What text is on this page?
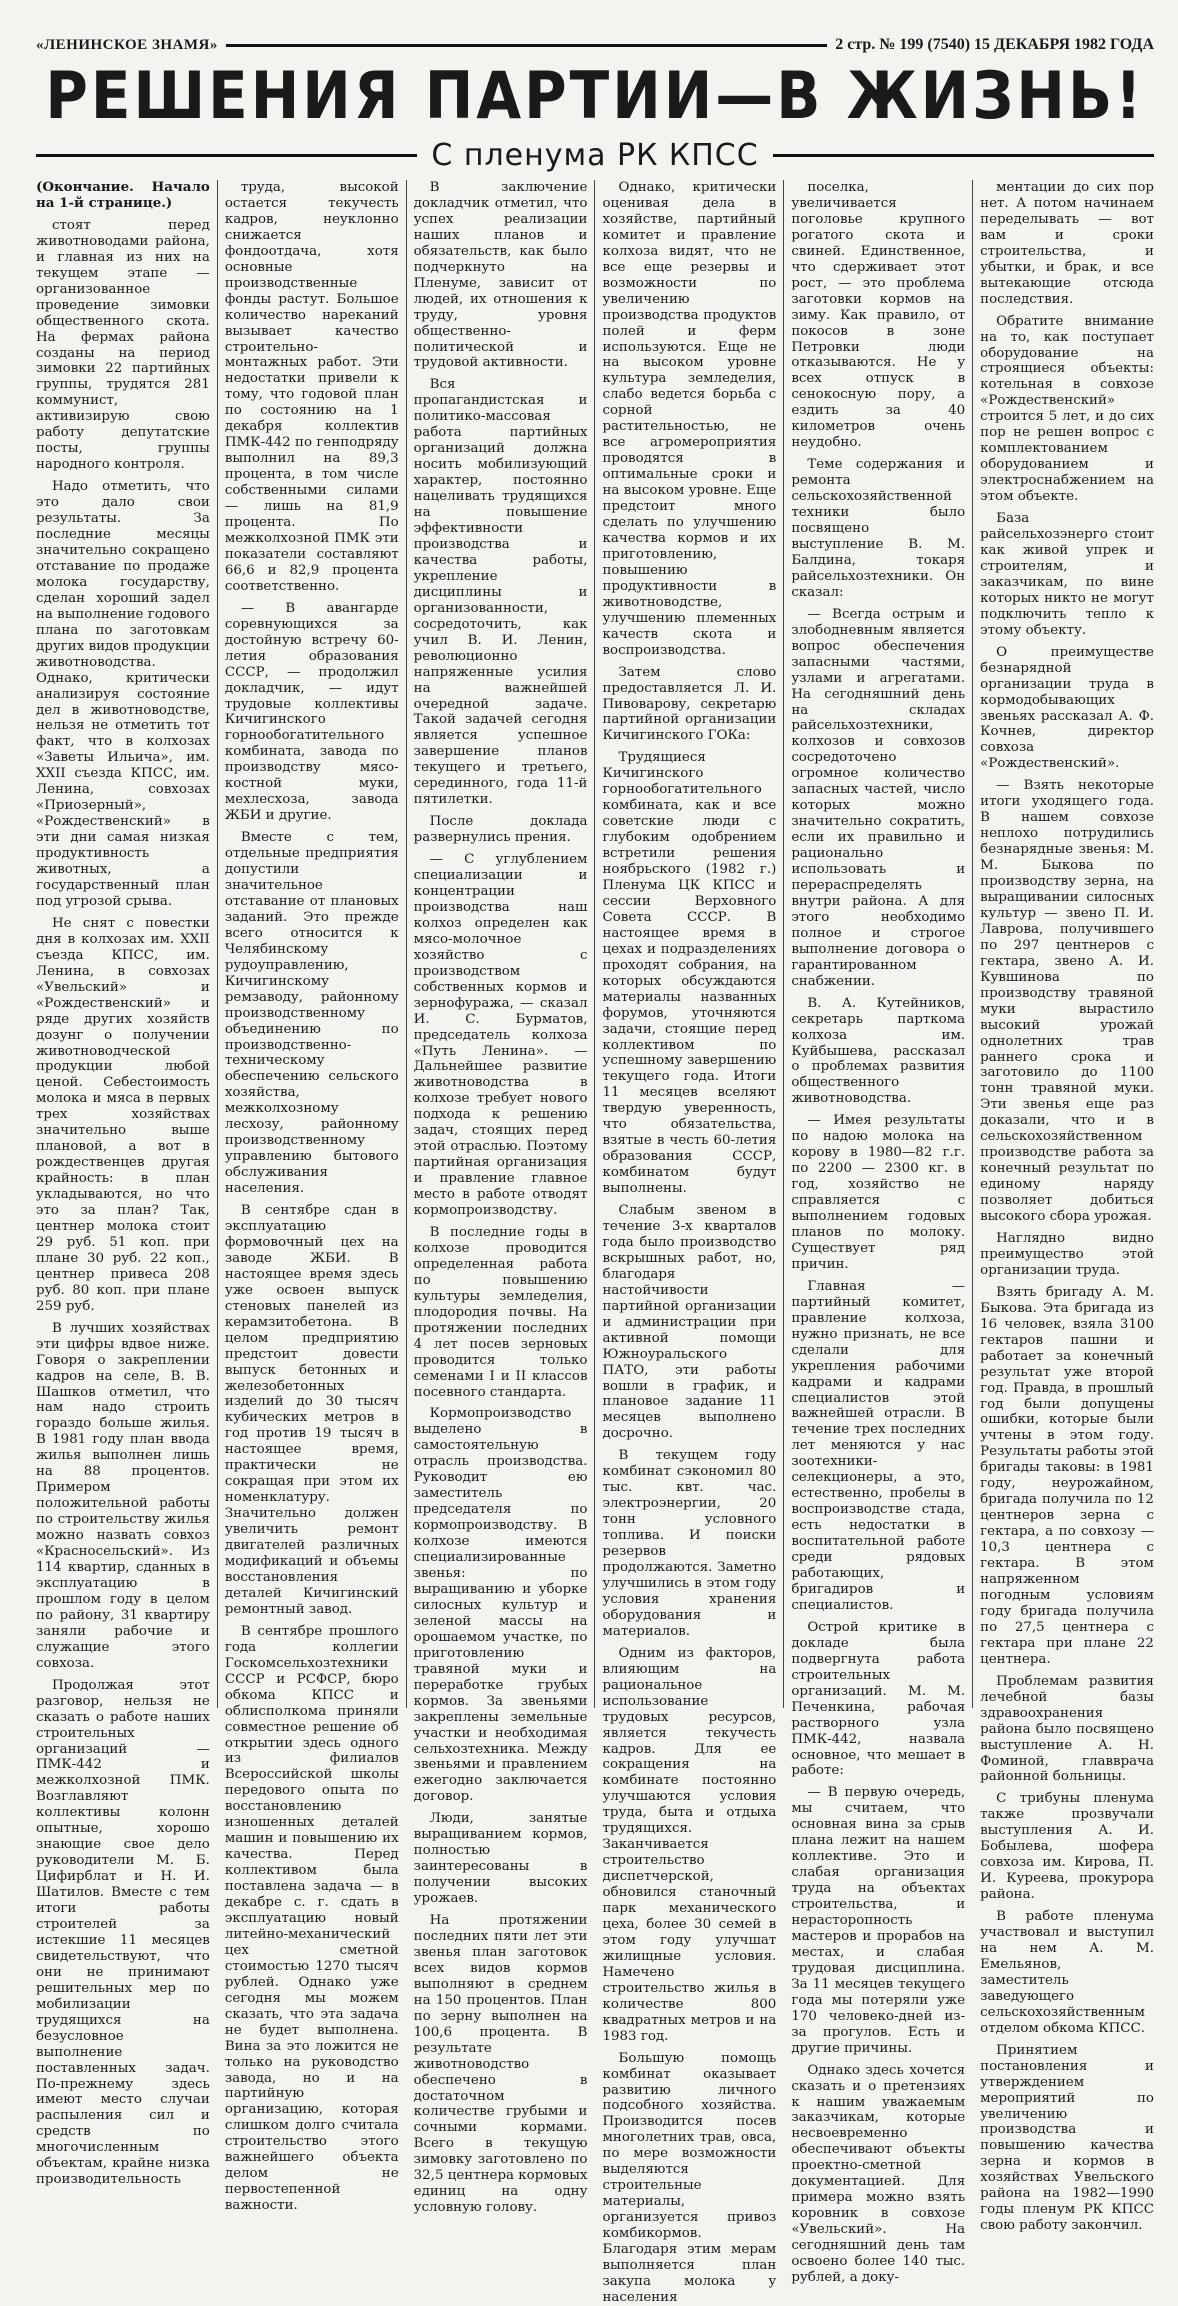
«ЛЕНИНСКОЕ ЗНАМЯ»	2 стр. № 199 (7540) 15 ДЕКАБРЯ 1982 ГОДА
РЕШЕНИЯ ПАРТИИ—В ЖИЗНЬ!
С пленума РК КПСС

(Окончание. Начало на 1-й странице.)

стоят перед животноводами района, и главная из них на текущем этапе — организованное проведение зимовки общественного скота. На фермах района созданы на период зимовки 22 партийных группы, трудятся 281 коммунист, активизирую свою работу депутатские посты, группы народного контроля.

Надо отметить, что это дало свои результаты. За последние месяцы значительно сокращено отставание по продаже молока государству, сделан хороший задел на выполнение годового плана по заготовкам других видов продукции животноводства. Однако, критически анализируя состояние дел в животноводстве, нельзя не отметить тот факт, что в колхозах «Заветы Ильича», им. XXII съезда КПСС, им. Ленина, совхозах «Приозерный», «Рождественский» в эти дни самая низкая продуктивность животных, а государственный план под угрозой срыва.

Не снят с повестки дня в колхозах им. XXII съезда КПСС, им. Ленина, в совхозах «Увельский» и «Рождественский» и ряде других хозяйств дозунг о получении животноводческой продукции любой ценой. Себестоимость молока и мяса в первых трех хозяйствах значительно выше плановой, а вот в рождественцев другая крайность: в план укладываются, но что это за план? Так, центнер молока стоит 29 руб. 51 коп. при плане 30 руб. 22 коп., центнер привеса 208 руб. 80 коп. при плане 259 руб.

В лучших хозяйствах эти цифры вдвое ниже. Говоря о закреплении кадров на селе, В. В. Шашков отметил, что нам надо строить гораздо больше жилья. В 1981 году план ввода жилья выполнен лишь на 88 процентов. Примером положительной работы по строительству жилья можно назвать совхоз «Красносельский». Из 114 квартир, сданных в эксплуатацию в прошлом году в целом по району, 31 квартиру заняли рабочие и служащие этого совхоза.

Продолжая этот разговор, нельзя не сказать о работе наших строительных организаций — ПМК-442 и межколхозной ПМК. Возглавляют коллективы колонн опытные, хорошо знающие свое дело руководители М. Б. Цифирблат и Н. И. Шатилов. Вместе с тем итоги работы строителей за истекшие 11 месяцев свидетельствуют, что они не принимают решительных мер по мобилизации трудящихся на безусловное выполнение поставленных задач. По-прежнему здесь имеют место случаи распыления сил и средств по многочисленным объектам, крайне низка производительность

труда, высокой остается текучесть кадров, неуклонно снижается фондоотдача, хотя основные производственные фонды растут. Большое количество нареканий вызывает качество строительно-монтажных работ. Эти недостатки привели к тому, что годовой план по состоянию на 1 декабря коллектив ПМК-442 по генподряду выполнил на 89,3 процента, в том числе собственными силами — лишь на 81,9 процента. По межколхозной ПМК эти показатели составляют 66,6 и 82,9 процента соответственно.

— В авангарде соревнующихся за достойную встречу 60-летия образования СССР, — продолжил докладчик, — идут трудовые коллективы Кичигинского горнообогатительного комбината, завода по производству мясо-костной муки, мехлесхоза, завода ЖБИ и другие.

Вместе с тем, отдельные предприятия допустили значительное отставание от плановых заданий. Это прежде всего относится к Челябинскому рудоуправлению, Кичигинскому ремзаводу, районному производственному объединению по производственно-техническому обеспечению сельского хозяйства, межколхозному лесхозу, районному производственному управлению бытового обслуживания населения.

В сентябре сдан в эксплуатацию формовочный цех на заводе ЖБИ. В настоящее время здесь уже освоен выпуск стеновых панелей из керамзитобетона. В целом предприятию предстоит довести выпуск бетонных и железобетонных изделий до 30 тысяч кубических метров в год против 19 тысяч в настоящее время, практически не сокращая при этом их номенклатуру. Значительно должен увеличить ремонт двигателей различных модификаций и объемы восстановления деталей Кичигинский ремонтный завод.

В сентябре прошлого года коллегии Госкомсельхозтехники СССР и РСФСР, бюро обкома КПСС и облисполкома приняли совместное решение об открытии здесь одного из филиалов Всероссийской школы передового опыта по восстановлению изношенных деталей машин и повышению их качества. Перед коллективом была поставлена задача — в декабре с. г. сдать в эксплуатацию новый литейно-механический цех сметной стоимостью 1270 тысяч рублей. Однако уже сегодня мы можем сказать, что эта задача не будет выполнена. Вина за это ложится не только на руководство завода, но и на партийную организацию, которая слишком долго считала строительство этого важнейшего объекта делом не первостепенной важности.

В заключение докладчик отметил, что успех реализации наших планов и обязательств, как было подчеркнуто на Пленуме, зависит от людей, их отношения к труду, уровня общественно-политической и трудовой активности.

Вся пропагандистская и политико-массовая работа партийных организаций должна носить мобилизующий характер, постоянно нацеливать трудящихся на повышение эффективности производства и качества работы, укрепление дисциплины и организованности, сосредоточить, как учил В. И. Ленин, революционно напряженные усилия на важнейшей очередной задаче. Такой задачей сегодня является успешное завершение планов текущего и третьего, серединного, года 11-й пятилетки.

После доклада развернулись прения.

— С углублением специализации и концентрации производства наш колхоз определен как мясо-молочное хозяйство с производством собственных кормов и зернофуража, — сказал И. С. Бурматов, председатель колхоза «Путь Ленина». — Дальнейшее развитие животноводства в колхозе требует нового подхода к решению задач, стоящих перед этой отраслью. Поэтому партийная организация и правление главное место в работе отводят кормопроизводству.

В последние годы в колхозе проводится определенная работа по повышению культуры земледелия, плодородия почвы. На протяжении последних 4 лет посев зерновых проводится только семенами I и II классов посевного стандарта.

Кормопроизводство выделено в самостоятельную отрасль производства. Руководит ею заместитель председателя по кормопроизводству. В колхозе имеются специализированные звенья: по выращиванию и уборке силосных культур и зеленой массы на орошаемом участке, по приготовлению травяной муки и переработке грубых кормов. За звеньями закреплены земельные участки и необходимая сельхозтехника. Между звеньями и правлением ежегодно заключается договор.

Люди, занятые выращиванием кормов, полностью заинтересованы в получении высоких урожаев.

На протяжении последних пяти лет эти звенья план заготовок всех видов кормов выполняют в среднем на 150 процентов. План по зерну выполнен на 100,6 процента. В результате животноводство обеспечено в достаточном количестве грубыми и сочными кормами. Всего в текущую зимовку заготовлено по 32,5 центнера кормовых единиц на одну условную голову.

Однако, критически оценивая дела в хозяйстве, партийный комитет и правление колхоза видят, что не все еще резервы и возможности по увеличению производства продуктов полей и ферм используются. Еще не на высоком уровне культура земледелия, слабо ведется борьба с сорной растительностью, не все агромероприятия проводятся в оптимальные сроки и на высоком уровне. Еще предстоит много сделать по улучшению качества кормов и их приготовлению, повышению продуктивности в животноводстве, улучшению племенных качеств скота и воспроизводства.

Затем слово предоставляется Л. И. Пивоварову, секретарю партийной организации Кичигинского ГОКа:

Трудящиеся Кичигинского горнообогатительного комбината, как и все советские люди с глубоким одобрением встретили решения ноябрьского (1982 г.) Пленума ЦК КПСС и сессии Верховного Совета СССР. В настоящее время в цехах и подразделениях проходят собрания, на которых обсуждаются материалы названных форумов, уточняются задачи, стоящие перед коллективом по успешному завершению текущего года. Итоги 11 месяцев вселяют твердую уверенность, что обязательства, взятые в честь 60-летия образования СССР, комбинатом будут выполнены.

Слабым звеном в течение 3-х кварталов года было производство вскрышных работ, но, благодаря настойчивости партийной организации и администрации при активной помощи Южноуральского ПАТО, эти работы вошли в график, и плановое задание 11 месяцев выполнено досрочно.

В текущем году комбинат сэкономил 80 тыс. квт. час. электроэнергии, 20 тонн условного топлива. И поиски резервов продолжаются. Заметно улучшились в этом году условия хранения оборудования и материалов.

Одним из факторов, влияющим на рациональное использование трудовых ресурсов, является текучесть кадров. Для ее сокращения на комбинате постоянно улучшаются условия труда, быта и отдыха трудящихся. Заканчивается строительство диспетчерской, обновился станочный парк механического цеха, более 30 семей в этом году улучшат жилищные условия. Намечено строительство жилья в количестве 800 квадратных метров и на 1983 год.

Большую помощь комбинат оказывает развитию личного подсобного хозяйства. Производится посев многолетних трав, овса, по мере возможности выделяются строительные материалы, организуется привоз комбикормов. Благодаря этим мерам выполняется план закупа молока у населения

поселка, увеличивается поголовье крупного рогатого скота и свиней. Единственное, что сдерживает этот рост, — это проблема заготовки кормов на зиму. Как правило, от покосов в зоне Петровки люди отказываются. Не у всех отпуск в сенокосную пору, а ездить за 40 километров очень неудобно.

Теме содержания и ремонта сельскохозяйственной техники было посвящено выступление В. М. Балдина, токаря райсельхозтехники. Он сказал:

— Всегда острым и злободневным является вопрос обеспечения запасными частями, узлами и агрегатами. На сегодняшний день на складах райсельхозтехники, колхозов и совхозов сосредоточено огромное количество запасных частей, число которых можно значительно сократить, если их правильно и рационально использовать и перераспределять внутри района. А для этого необходимо полное и строгое выполнение договора о гарантированном снабжении.

В. А. Кутейников, секретарь парткома колхоза им. Куйбышева, рассказал о проблемах развития общественного животноводства.

— Имея результаты по надою молока на корову в 1980—82 г.г. по 2200 — 2300 кг. в год, хозяйство не справляется с выполнением годовых планов по молоку. Существует ряд причин.

Главная — партийный комитет, правление колхоза, нужно признать, не все сделали для укрепления рабочими кадрами и кадрами специалистов этой важнейшей отрасли. В течение трех последних лет меняются у нас зоотехники-селекционеры, а это, естественно, пробелы в воспроизводстве стада, есть недостатки в воспитательной работе среди рядовых работающих, бригадиров и специалистов.

Острой критике в докладе была подвергнута работа строительных организаций. М. М. Печенкина, рабочая растворного узла ПМК-442, назвала основное, что мешает в работе:

— В первую очередь, мы считаем, что основная вина за срыв плана лежит на нашем коллективе. Это и слабая организация труда на объектах строительства, и нерасторопность мастеров и прорабов на местах, и слабая трудовая дисциплина. За 11 месяцев текущего года мы потеряли уже 170 человеко-дней из-за прогулов. Есть и другие причины.

Однако здесь хочется сказать и о претензиях к нашим уважаемым заказчикам, которые несвоевременно обеспечивают объекты проектно-сметной документацией. Для примера можно взять коровник в совхозе «Увельский». На сегодняшний день там освоено более 140 тыс. рублей, а доку-

ментации до сих пор нет. А потом начинаем переделывать — вот вам и сроки строительства, и убытки, и брак, и все вытекающие отсюда последствия.

Обратите внимание на то, как поступает оборудование на строящиеся объекты: котельная в совхозе «Рождественский» строится 5 лет, и до сих пор не решен вопрос с комплектованием оборудованием и электроснабжением на этом объекте.

База райсельхозэнерго стоит как живой упрек и строителям, и заказчикам, по вине которых никто не могут подключить тепло к этому объекту.

О преимуществе безнарядной организации труда в кормодобывающих звеньях рассказал А. Ф. Кочнев, директор совхоза «Рождественский».

— Взять некоторые итоги уходящего года. В нашем совхозе неплохо потрудились безнарядные звенья: М. М. Быкова по производству зерна, на выращивании силосных культур — звено П. И. Лаврова, получившего по 297 центнеров с гектара, звено А. И. Кувшинова по производству травяной муки вырастило высокий урожай однолетних трав раннего срока и заготовило до 1100 тонн травяной муки. Эти звенья еще раз доказали, что и в сельскохозяйственном производстве работа за конечный результат по единому наряду позволяет добиться высокого сбора урожая.

Наглядно видно преимущество этой организации труда.

Взять бригаду А. М. Быкова. Эта бригада из 16 человек, взяла 3100 гектаров пашни и работает за конечный результат уже второй год. Правда, в прошлый год были допущены ошибки, которые были учтены в этом году. Результаты работы этой бригады таковы: в 1981 году, неурожайном, бригада получила по 12 центнеров зерна с гектара, а по совхозу — 10,3 центнера с гектара. В этом напряженном погодным условиям году бригада получила по 27,5 центнера с гектара при плане 22 центнера.

Проблемам развития лечебной базы здравоохранения района было посвящено выступление А. Н. Фоминой, главврача районной больницы.

С трибуны пленума также прозвучали выступления А. И. Бобылева, шофера совхоза им. Кирова, П. И. Куреева, прокурора района.

В работе пленума участвовал и выступил на нем А. М. Емельянов, заместитель заведующего сельскохозяйственным отделом обкома КПСС.

Принятием постановления и утверждением мероприятий по увеличению производства и повышению качества зерна и кормов в хозяйствах Увельского района на 1982—1990 годы пленум РК КПСС свою работу закончил.
